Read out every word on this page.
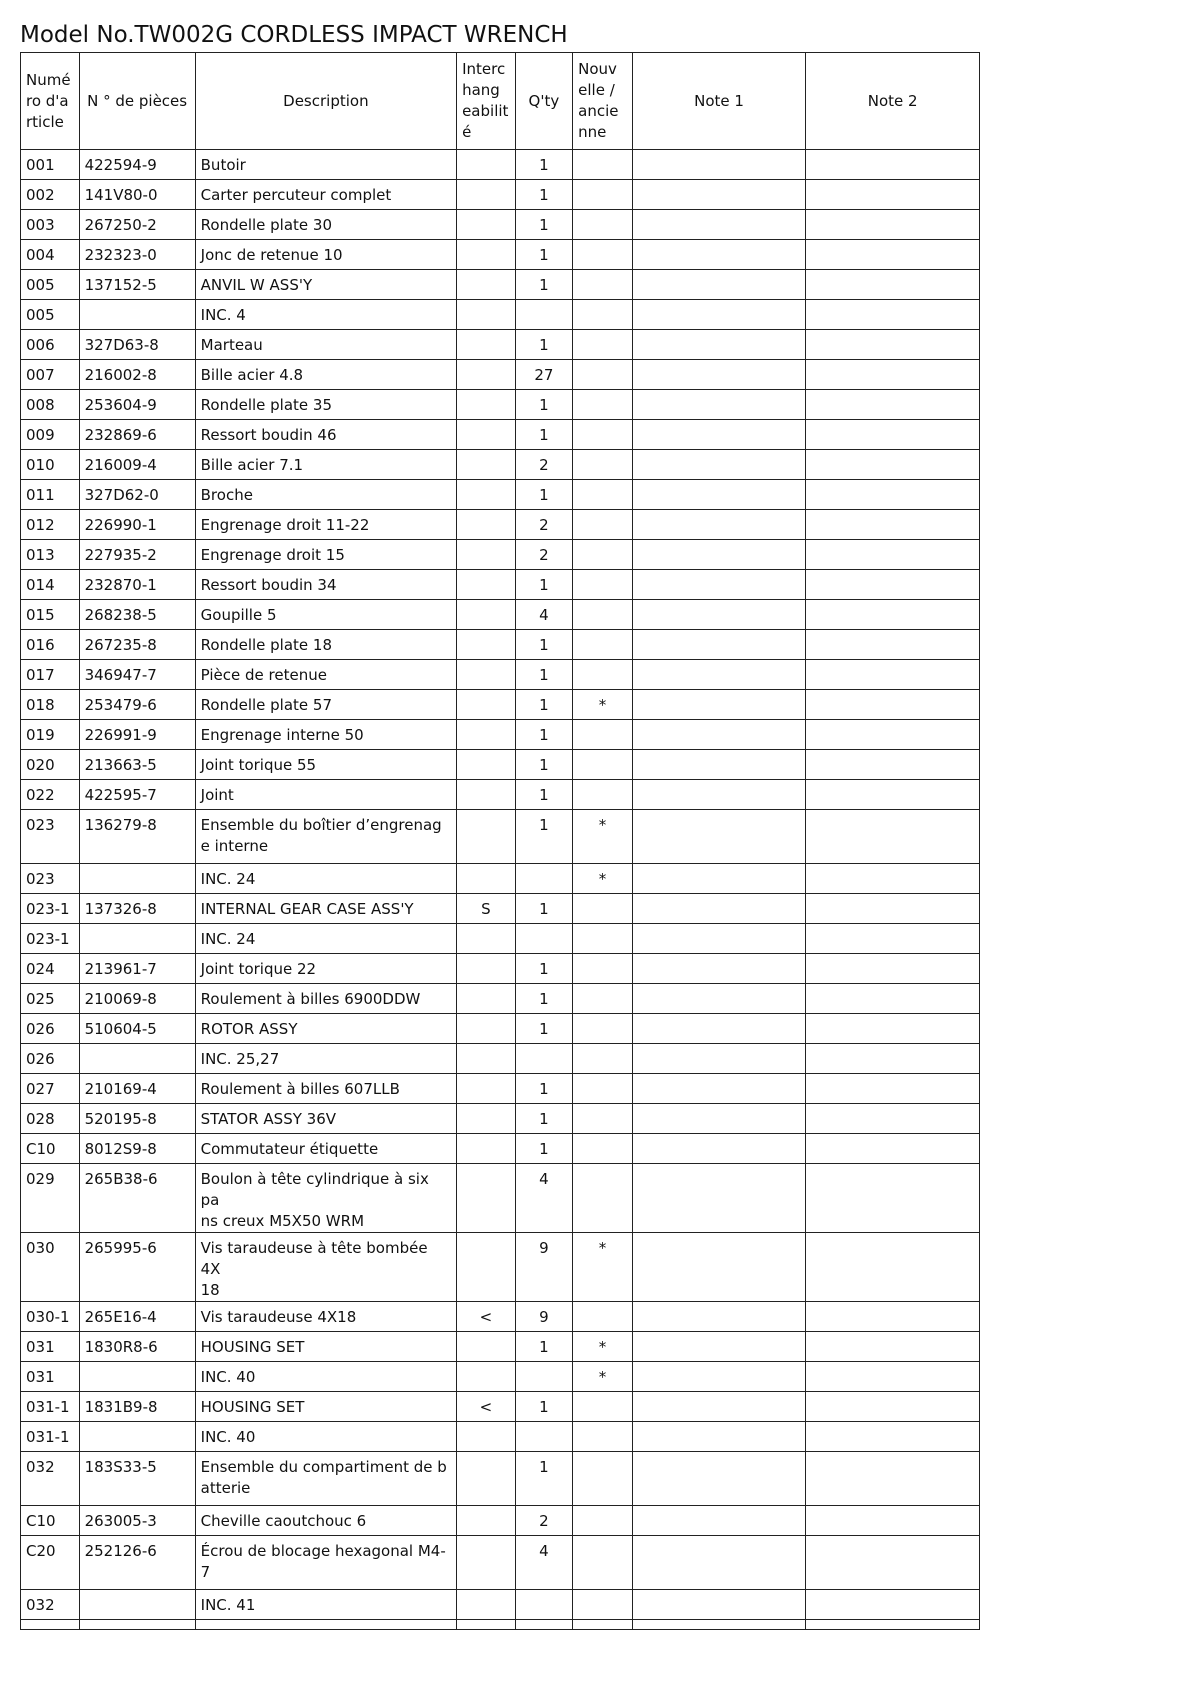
Model No.TW002G CORDLESS IMPACT WRENCH
Numé
ro d'a
rticle	N ° de pièces	Description	Interc
hang
eabilit
é	Q'ty	Nouv
elle /
ancie
nne	Note 1	Note 2
001	422594-9	Butoir		1			
002	141V80-0	Carter percuteur complet		1			
003	267250-2	Rondelle plate 30		1			
004	232323-0	Jonc de retenue 10		1			
005	137152-5	ANVIL W ASS'Y		1			
005		INC. 4					
006	327D63-8	Marteau		1			
007	216002-8	Bille acier 4.8		27			
008	253604-9	Rondelle plate 35		1			
009	232869-6	Ressort boudin 46		1			
010	216009-4	Bille acier 7.1		2			
011	327D62-0	Broche		1			
012	226990-1	Engrenage droit 11-22		2			
013	227935-2	Engrenage droit 15		2			
014	232870-1	Ressort boudin 34		1			
015	268238-5	Goupille 5		4			
016	267235-8	Rondelle plate 18		1			
017	346947-7	Pièce de retenue		1			
018	253479-6	Rondelle plate 57		1	*		
019	226991-9	Engrenage interne 50		1			
020	213663-5	Joint torique 55		1			
022	422595-7	Joint		1			
023	136279-8	Ensemble du boîtier d’engrenag
e interne		1	*		
023		INC. 24			*		
023-1	137326-8	INTERNAL GEAR CASE ASS'Y	S	1			
023-1		INC. 24					
024	213961-7	Joint torique 22		1			
025	210069-8	Roulement à billes 6900DDW		1			
026	510604-5	ROTOR ASSY		1			
026		INC. 25,27					
027	210169-4	Roulement à billes 607LLB		1			
028	520195-8	STATOR ASSY 36V		1			
C10	8012S9-8	Commutateur étiquette		1			
029	265B38-6	Boulon à tête cylindrique à six pa
ns creux M5X50 WRM		4			
030	265995-6	Vis taraudeuse à tête bombée 4X
18		9	*		
030-1	265E16-4	Vis taraudeuse 4X18	<	9			
031	1830R8-6	HOUSING SET		1	*		
031		INC. 40			*		
031-1	1831B9-8	HOUSING SET	<	1			
031-1		INC. 40					
032	183S33-5	Ensemble du compartiment de b
atterie		1			
C10	263005-3	Cheville caoutchouc 6		2			
C20	252126-6	Écrou de blocage hexagonal M4-
7		4			
032		INC. 41					
